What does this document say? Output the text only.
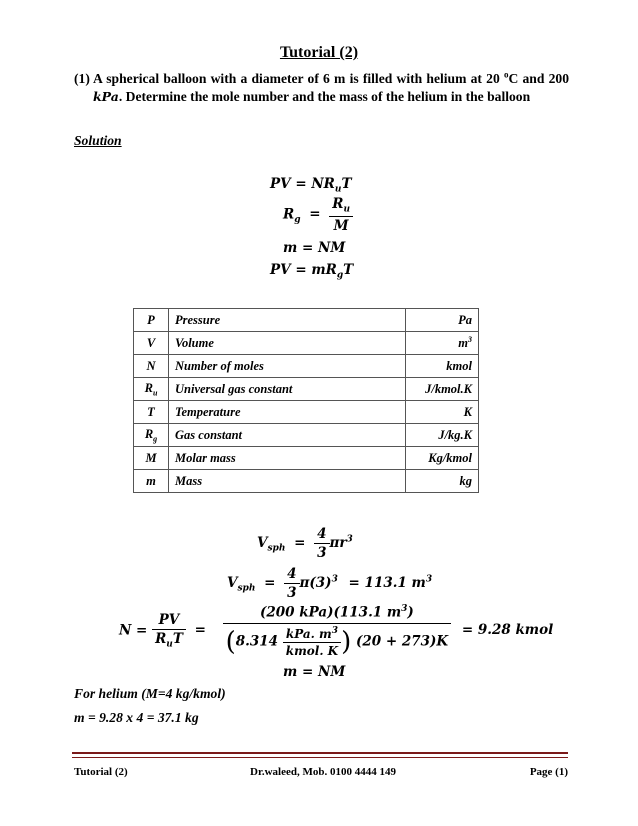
Tutorial (2)
(1) A spherical balloon with a diameter of 6 m is filled with helium at 20 $^o$C and 200 kPa. Determine the mole number and the mass of the helium in the balloon
Solution
PV = $NR_uT$
$R_g = \frac{R_u}{M}$
m = NM
PV = $mR_gT$
P	Pressure	Pa
V	Volume	$m^3$
N	Number of moles	kmol
$R_u$	Universal gas constant	J/kmol.K
T	Temperature	K
$R_g$	Gas constant	J/kg.K
M	Molar mass	Kg/kmol
m	Mass	kg
$V_{sph} = \frac{4}{3} \pi r^3$
$V_{sph} = \frac{4}{3} \pi(3)^3 = 113.1$ $m^3$
$N = \frac{PV}{R_uT}$ =
(200 kPa)(113.1 $m^3$)
($8.314 \frac{kPa. m^3}{\text{kmol. K}}$ ) (20 + 273)K
= 9.28 kmol
m = NM
For helium (M=4 kg/kmol)
m = 9.28 x 4 = 37.1 kg
Tutorial (2)	Dr.waleed, Mob. 0100 4444 149	Page (1)
